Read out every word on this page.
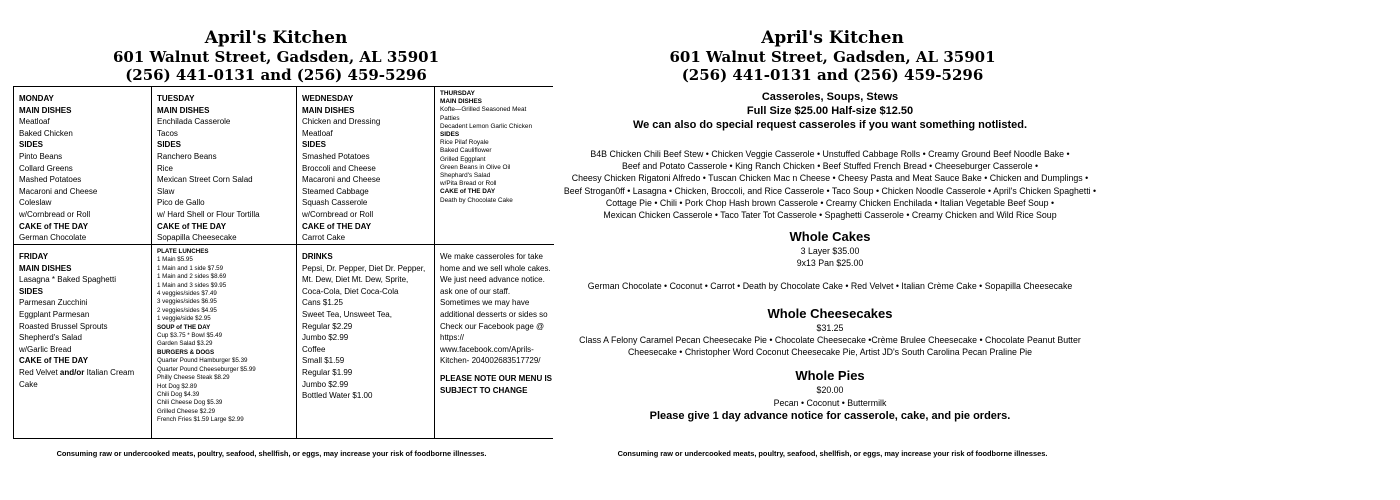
April's Kitchen
601 Walnut Street, Gadsden, AL 35901
(256) 441-0131 and (256) 459-5296
MONDAY
MAIN DISHES
Meatloaf
Baked Chicken
SIDES
Pinto Beans
Collard Greens
Mashed Potatoes
Macaroni and Cheese
Coleslaw
w/Cornbread or Roll
CAKE of THE DAY
German Chocolate
TUESDAY
MAIN DISHES
Enchilada Casserole
Tacos
SIDES
Ranchero Beans
Rice
Mexican Street Corn Salad
Slaw
Pico de Gallo
w/ Hard Shell or Flour Tortilla
CAKE of THE DAY
Sopapilla Cheesecake
WEDNESDAY
MAIN DISHES
Chicken and Dressing
Meatloaf
SIDES
Smashed Potatoes
Broccoli and Cheese
Macaroni and Cheese
Steamed Cabbage
Squash Casserole
w/Cornbread or Roll
CAKE of THE DAY
Carrot Cake
THURSDAY
MAIN DISHES
Kofte—Grilled Seasoned Meat
Patties
Decadent Lemon Garlic Chicken
SIDES
Rice Pilaf Royale
Baked Cauliflower
Grilled Eggplant
Green Beans in Olive Oil
Shephard's Salad
w/Pita Bread or Roll
CAKE of THE DAY
Death by Chocolate Cake
FRIDAY
MAIN DISHES
Lasagna * Baked Spaghetti
SIDES
Parmesan Zucchini
Eggplant Parmesan
Roasted Brussel Sprouts
Shepherd's Salad
w/Garlic Bread
CAKE of THE DAY
Red Velvet and/or Italian Cream
Cake
PLATE LUNCHES
1 Main $5.95
1 Main and 1 side $7.59
1 Main and 2 sides $8.69
1 Main and 3 sides $9.95
4 veggies/sides $7.49
3 veggies/sides $6.95
2 veggies/sides $4.95
1 veggie/side $2.95
SOUP of THE DAY
Cup $3.75 * Bowl $5.49
Garden Salad $3.29
BURGERS & DOGS
Quarter Pound Hamburger $5.39
Quarter Pound Cheeseburger $5.99
Philly Cheese Steak $8.29
Hot Dog $2.89
Chili Dog $4.39
Chili Cheese Dog $5.39
Grilled Cheese $2.29
French Fries $1.59 Large $2.99
DRINKS
Pepsi, Dr. Pepper, Diet Dr. Pepper,
Mt. Dew, Diet Mt. Dew, Sprite,
Coca-Cola, Diet Coca-Cola
Cans $1.25
Sweet Tea, Unsweet Tea,
Regular $2.29
Jumbo $2.99
Coffee
Small $1.59
Regular $1.99
Jumbo $2.99
Bottled Water $1.00
We make casseroles for take
home and we sell whole cakes.
We just need advance notice.
ask one of our staff.
Sometimes we may have
additional desserts or sides so
Check our Facebook page @
https://
www.facebook.com/Aprils-
Kitchen- 204002683517729/
PLEASE NOTE OUR MENU IS
SUBJECT TO CHANGE
Consuming raw or undercooked meats, poultry, seafood, shellfish, or eggs, may increase your risk of foodborne illnesses.
April's Kitchen
601 Walnut Street, Gadsden, AL 35901
(256) 441-0131 and (256) 459-5296
Casseroles, Soups, Stews
Full Size $25.00 Half-size $12.50
We can also do special request casseroles if you want something notlisted.
B4B Chicken Chili Beef Stew • Chicken Veggie Casserole • Unstuffed Cabbage Rolls • Creamy Ground Beef Noodle Bake •
Beef and Potato Casserole • King Ranch Chicken • Beef Stuffed French Bread • Cheeseburger Casserole •
Cheesy Chicken Rigatoni Alfredo • Tuscan Chicken Mac n Cheese • Cheesy Pasta and Meat Sauce Bake • Chicken and Dumplings •
Beef Strogan0ff • Lasagna • Chicken, Broccoli, and Rice Casserole • Taco Soup • Chicken Noodle Casserole • April's Chicken Spaghetti •
Cottage Pie • Chili • Pork Chop Hash brown Casserole • Creamy Chicken Enchilada • Italian Vegetable Beef Soup •
Mexican Chicken Casserole • Taco Tater Tot Casserole • Spaghetti Casserole • Creamy Chicken and Wild Rice Soup
Whole Cakes
3 Layer $35.00
9x13 Pan $25.00
German Chocolate • Coconut • Carrot • Death by Chocolate Cake • Red Velvet • Italian Crème Cake • Sopapilla Cheesecake
Whole Cheesecakes
$31.25
Class A Felony Caramel Pecan Cheesecake Pie • Chocolate Cheesecake •Crème Brulee Cheesecake • Chocolate Peanut Butter
Cheesecake • Christopher Word Coconut Cheesecake Pie, Artist JD's South Carolina Pecan Praline Pie
Whole Pies
$20.00
Pecan • Coconut • Buttermilk
Please give 1 day advance notice for casserole, cake, and pie orders.
Consuming raw or undercooked meats, poultry, seafood, shellfish, or eggs, may increase your risk of foodborne illnesses.
